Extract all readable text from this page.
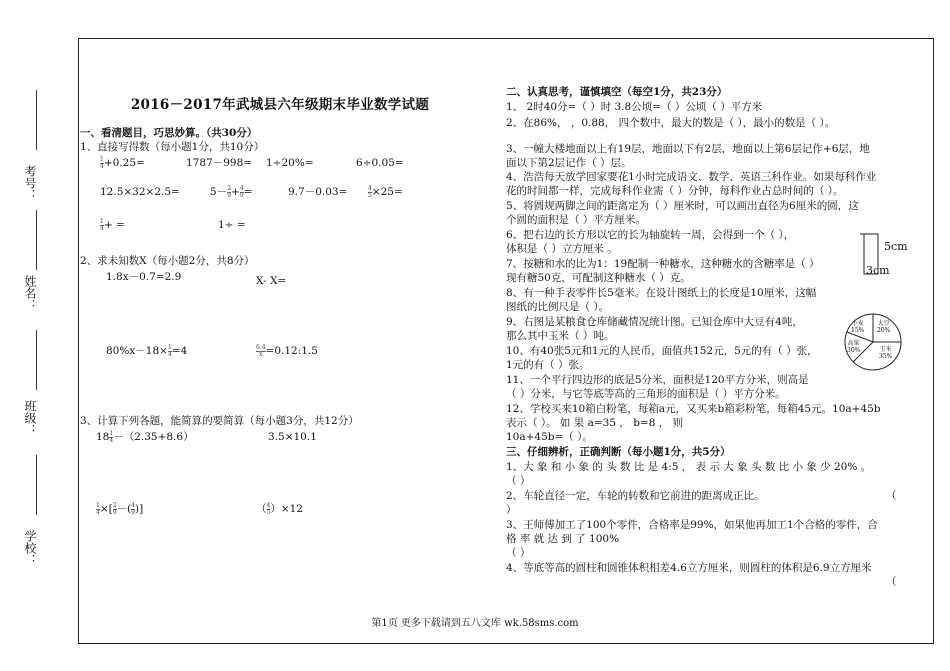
考号：
姓名：
班级：
学校：
2016－2017年武城县六年级期末毕业数学试题
一、看清题目，巧思妙算。（共30分）
1、直接写得数（每小题1分，共10分）
$\frac{1}{4} +0.25=$	1787－998= 1÷20%=	6÷0.05=
12.5×32×2.5=	$5- \frac{2}{9} + \frac{4}{9}$ =	9.7－0.03=	$\frac{4}{5} \times 25=$
$\frac{1}{4}$ + =	1÷ =
2、求未知数X（每小题2分，共8分）
1.8x－0.7=2.9	X- X=
$80\%x-18\times \frac{1}{4} =4$	$\frac{6.4}{x}$ =0.12:1.5
3、计算下列各题，能简算的要简算（每小题3分，共12分）
$18 \frac{1}{4} -(2.35+8.6)$	3.5×10.1
$\frac{1}{4}$ ×[ $\frac{2}{9}$ －( $\frac{4}{9}$ )]	（ $\frac{4}{5} )\times 12$
二、认真思考，谨慎填空（每空1分，共23分）
1、 2时40分=（ ）时 3.8公顷=（ ）公顷（ ）平方米
2、在86%， ，0.88， 四个数中，最大的数是（ ），最小的数是（ ）。
3、一幢大楼地面以上有19层，地面以下有2层，地面以上第6层记作+6层，地
面以下第2层记作（ ）层。
4、浩浩每天放学回家要花1小时完成语文、数学、英语三科作业。如果每科作业
花的时间都一样，完成每科作业需（ ）分钟，每科作业占总时间的（ ）。
5、将圆规两脚之间的距离定为（ ）厘米时，可以画出直径为6厘米的圆，这
个圆的面积是（ ）平方厘米。
6、把右边的长方形以它的长为轴旋转一周，会得到一个（ ），
体积是（ ）立方厘米 。
7、按糖和水的比为1：19配制一种糖水，这种糖水的含糖率是（ ）
现有糖50克，可配制这种糖水（ ）克。
8、有一种手表零件长5毫米。在设计图纸上的长度是10厘米，这幅
图纸的比例尺是（ ）。
9、右图是某粮食仓库储藏情况统计图。已知仓库中大豆有4吨，
那么其中玉米（ ）吨。
10、有40张5元和1元的人民币，面值共152元，5元的有（ ）张，
1元的有（ ）张。
11、一个平行四边形的底是5分米，面积是120平方分米，则高是
（ ）分米，与它等底等高的三角形的面积是（ ）平方分米。
12、学校买来10箱白粉笔，每箱a元，又买来b箱彩粉笔，每箱45元。10a+45b
表示（ ）。 如 果 a=35 ， b=8 ， 则
10a+45b=（ ）。
三、仔细辨析，正确判断（每小题1分，共5分）
1、大 象 和 小 象 的 头 数 比 是 4:5 ， 表 示 大 象 头 数 比 小 象 少 20% 。
（ ）
2、车轮直径一定，车轮的转数和它前进的距离成正比。	（
）
3、王师傅加工了100个零件，合格率是99%，如果他再加工1个合格的零件，合
格 率 就 达 到 了 100%
（ ）
4、等底等高的圆柱和圆锥体积相差4.6立方厘米，则圆柱的体积是6.9立方厘米
（
5cm
3cm
小麦
15%
大豆
20%
高粱
30%	玉米
35%
第1页 更多下载请到五八文库 wk.58sms.com
